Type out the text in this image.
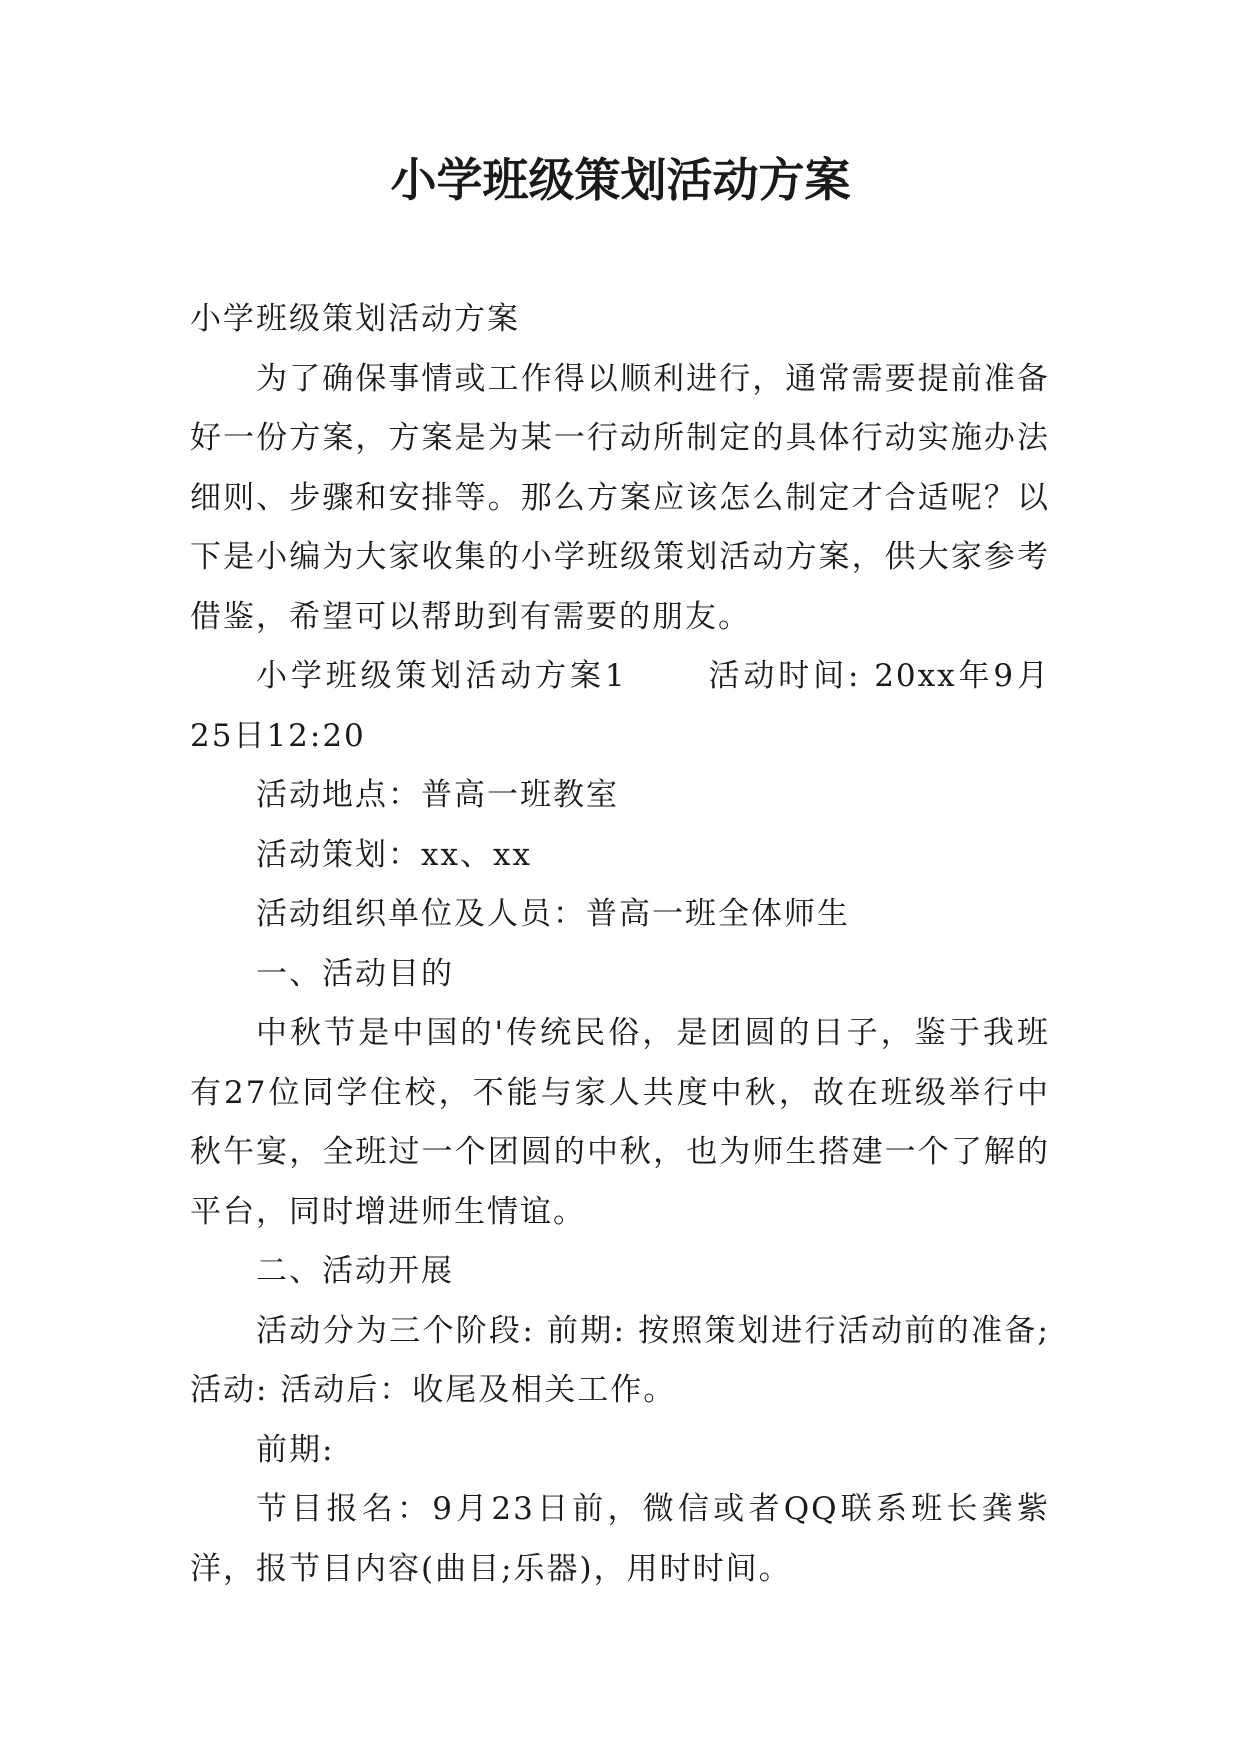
小学班级策划活动方案

小学班级策划活动方案

为了确保事情或工作得以顺利进行，通常需要提前准备好一份方案，方案是为某一行动所制定的具体行动实施办法细则、步骤和安排等。那么方案应该怎么制定才合适呢？以下是小编为大家收集的小学班级策划活动方案，供大家参考借鉴，希望可以帮助到有需要的朋友。

小学班级策划活动方案1	活动时间: 20xx年9月25日12:20

活动地点：普高一班教室

活动策划：xx、xx

活动组织单位及人员：普高一班全体师生

一、活动目的

中秋节是中国的'传统民俗，是团圆的日子，鉴于我班有27位同学住校，不能与家人共度中秋，故在班级举行中秋午宴，全班过一个团圆的中秋，也为师生搭建一个了解的平台，同时增进师生情谊。

二、活动开展

活动分为三个阶段: 前期: 按照策划进行活动前的准备; 活动: 活动后：收尾及相关工作。

前期:

节目报名：9月23日前，微信或者QQ联系班长龚紫洋，报节目内容(曲目;乐器)，用时时间。
